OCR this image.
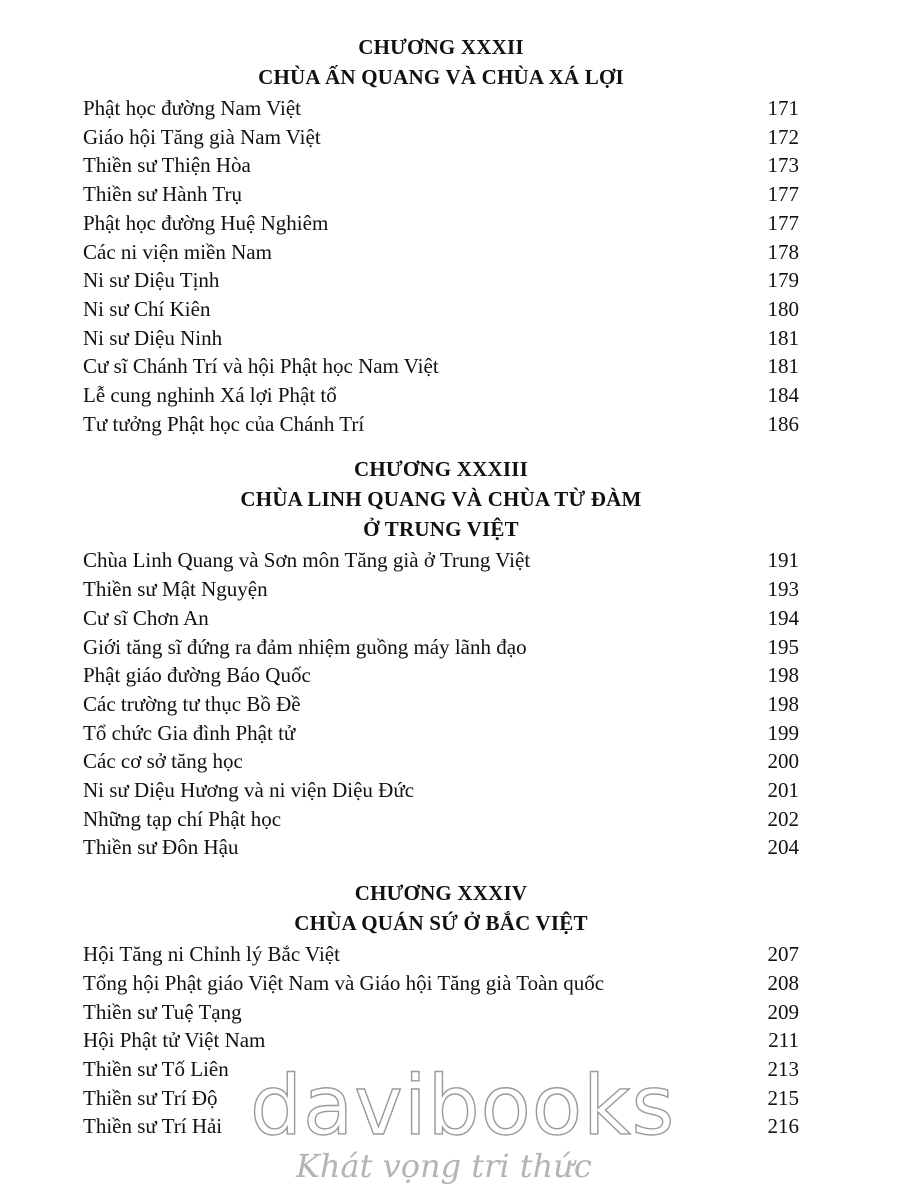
CHƯƠNG XXXII
CHÙA ẤN QUANG VÀ CHÙA XÁ LỢI
Phật học đường Nam Việt	171
Giáo hội Tăng già Nam Việt	172
Thiền sư Thiện Hòa	173
Thiền sư Hành Trụ	177
Phật học đường Huệ Nghiêm	177
Các ni viện miền Nam	178
Ni sư Diệu Tịnh	179
Ni sư Chí Kiên	180
Ni sư Diệu Ninh	181
Cư sĩ Chánh Trí và hội Phật học Nam Việt	181
Lễ cung nghinh Xá lợi Phật tổ	184
Tư tưởng Phật học của Chánh Trí	186
CHƯƠNG XXXIII
CHÙA LINH QUANG VÀ CHÙA TỪ ĐÀM
Ở TRUNG VIỆT
Chùa Linh Quang và Sơn môn Tăng già ở Trung Việt	191
Thiền sư Mật Nguyện	193
Cư sĩ Chơn An	194
Giới tăng sĩ đứng ra đảm nhiệm guồng máy lãnh đạo	195
Phật giáo đường Báo Quốc	198
Các trường tư thục Bồ Đề	198
Tổ chức Gia đình Phật tử	199
Các cơ sở tăng học	200
Ni sư Diệu Hương và ni viện Diệu Đức	201
Những tạp chí Phật học	202
Thiền sư Đôn Hậu	204
CHƯƠNG XXXIV
CHÙA QUÁN SỨ Ở BẮC VIỆT
Hội Tăng ni Chỉnh lý Bắc Việt	207
Tổng hội Phật giáo Việt Nam và Giáo hội Tăng già Toàn quốc	208
Thiền sư Tuệ Tạng	209
Hội Phật tử Việt Nam	211
Thiền sư Tố Liên	213
Thiền sư Trí Độ	215
Thiền sư Trí Hải	216
davibooks
Khát vọng tri thức
